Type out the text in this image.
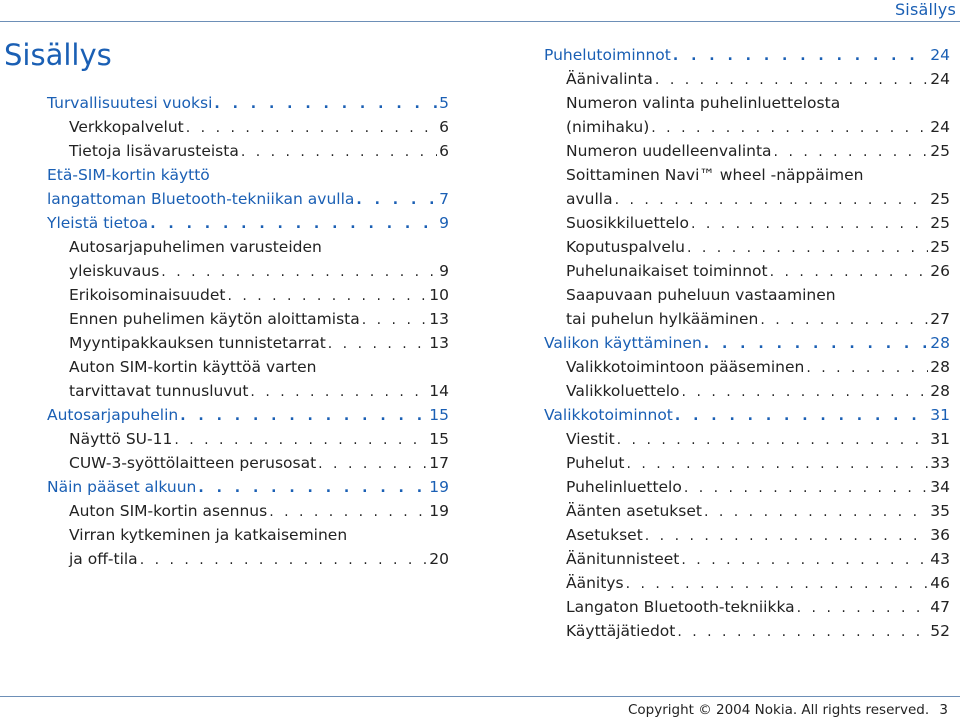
Sisällys
Sisällys
Turvallisuutesi vuoksi . . .	5
Verkkopalvelut . . .	6
Tietoja lisävarusteista . . .	6
Etä-SIM-kortin käyttö
langattoman Bluetooth-tekniikan avulla . . .	7
Yleistä tietoa . . .	9
Autosarjapuhelimen varusteiden
yleiskuvaus . . .	9
Erikoisominaisuudet . . .	10
Ennen puhelimen käytön aloittamista . . .	13
Myyntipakkauksen tunnistetarrat . . .	13
Auton SIM-kortin käyttöä varten
tarvittavat tunnusluvut . . .	14
Autosarjapuhelin . . .	15
Näyttö SU-11 . . .	15
CUW-3-syöttölaitteen perusosat . . .	17
Näin pääset alkuun . . .	19
Auton SIM-kortin asennus . . .	19
Virran kytkeminen ja katkaiseminen
ja off-tila . . .	20
Puhelutoiminnot . . .	24
Äänivalinta . . .	24
Numeron valinta puhelinluettelosta
(nimihaku) . . .	24
Numeron uudelleenvalinta . . .	25
Soittaminen Navi™ wheel -näppäimen
avulla . . .	25
Suosikkiluettelo . . .	25
Koputuspalvelu . . .	25
Puhelunaikaiset toiminnot . . .	26
Saapuvaan puheluun vastaaminen
tai puhelun hylkääminen . . .	27
Valikon käyttäminen . . .	28
Valikkotoimintoon pääseminen . . .	28
Valikkoluettelo . . .	28
Valikkotoiminnot . . .	31
Viestit . . .	31
Puhelut . . .	33
Puhelinluettelo . . .	34
Äänten asetukset . . .	35
Asetukset . . .	36
Äänitunnisteet . . .	43
Äänitys . . .	46
Langaton Bluetooth-tekniikka . . .	47
Käyttäjätiedot . . .	52
Copyright © 2004 Nokia. All rights reserved. 3
